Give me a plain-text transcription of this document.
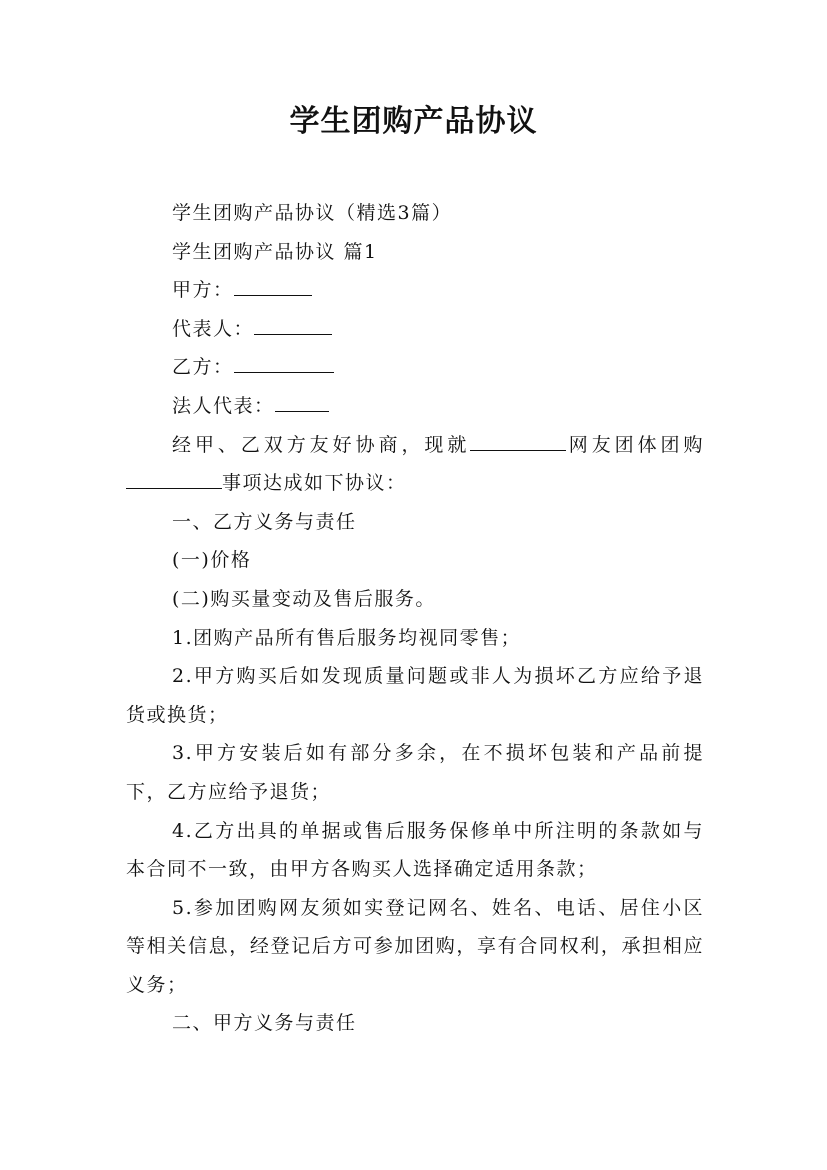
学生团购产品协议

学生团购产品协议（精选3篇）

学生团购产品协议 篇1

甲方：

代表人：

乙方：

法人代表：

经甲、乙双方友好协商，现就	网友团体团购事项达成如下协议：

一、乙方义务与责任

(一)价格

(二)购买量变动及售后服务。

1.团购产品所有售后服务均视同零售；

2.甲方购买后如发现质量问题或非人为损坏乙方应给予退货或换货；

3.甲方安装后如有部分多余，在不损坏包装和产品前提下，乙方应给予退货；

4.乙方出具的单据或售后服务保修单中所注明的条款如与本合同不一致，由甲方各购买人选择确定适用条款；

5.参加团购网友须如实登记网名、姓名、电话、居住小区等相关信息，经登记后方可参加团购，享有合同权利，承担相应义务；

二、甲方义务与责任
